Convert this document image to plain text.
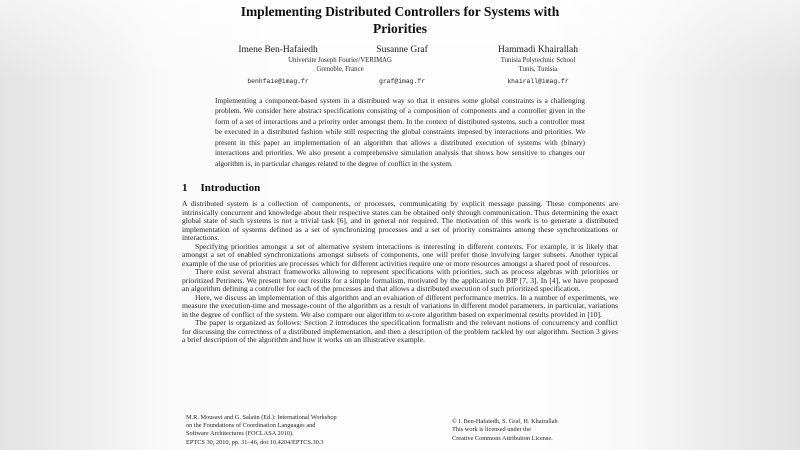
Implementing Distributed Controllers for Systems with
Priorities
Imene Ben-Hafaiedh	Susanne Graf
Universite Joseph Fourier/VERIMAG
Grenoble, France
benhfaie@imag.fr	graf@imag.fr
Hammadi Khairallah
Tunisia Polytechnic School
Tunis, Tunisia
khairall@imag.fr
Implementing a component-based system in a distributed way so that it ensures some global constraints is a challenging problem. We consider here abstract specifications consisting of a composition of components and a controller given in the form of a set of interactions and a priority order amongst them. In the context of distributed systems, such a controller must be executed in a distributed fashion while still respecting the global constraints imposed by interactions and priorities. We present in this paper an implementation of an algorithm that allows a distributed execution of systems with (binary) interactions and priorities. We also present a comprehensive simulation analysis that shows how sensitive to changes our algorithm is, in particular changes related to the degree of conflict in the system.
1 Introduction

A distributed system is a collection of components, or processes, communicating by explicit message passing. These components are intrinsically concurrent and knowledge about their respective states can be obtained only through communication. Thus determining the exact global state of such systems is not a trivial task [6], and in general not required. The motivation of this work is to generate a distributed implementation of systems defined as a set of synchronizing processes and a set of priority constraints among these synchronizations or interactions.

Specifying priorities amongst a set of alternative system interactions is interesting in different contexts. For example, it is likely that amongst a set of enabled synchronizations amongst subsets of components, one will prefer those involving larger subsets. Another typical example of the use of priorities are processes which for different activities require one or more resources amongst a shared pool of resources.

There exist several abstract frameworks allowing to represent specifications with priorities, such as process algebras with priorities or prioritized Petrinets. We present here our results for a simple formalism, motivated by the application to BIP [7, 3]. In [4], we have proposed an algorithm defining a controller for each of the processes and that allows a distributed execution of such prioritized specification.

Here, we discuss an implementation of this algorithm and an evaluation of different performance metrics. In a number of experiments, we measure the execution-time and message-count of the algorithm as a result of variations in different model parameters, in particular, variations in the degree of conflict of the system. We also compare our algorithm to α-core algorithm based on experimental results provided in [10].

The paper is organized as follows: Section 2 introduces the specification formalism and the relevant notions of concurrency and conflict for discussing the correctness of a distributed implementation, and then a description of the problem tackled by our algorithm. Section 3 gives a brief description of the algorithm and how it works on an illustrative example.

M.R. Mousavi and G. Salaün (Ed.): International Workshop
on the Foundations of Coordination Languages and
Software Architectures (FOCLASA 2010).
EPTCS 30, 2010, pp. 31–46, doi:10.4204/EPTCS.30.3
© I. Ben-Hafaiedh, S. Graf, H. Khairallah
This work is licensed under the
Creative Commons Attribution License.
